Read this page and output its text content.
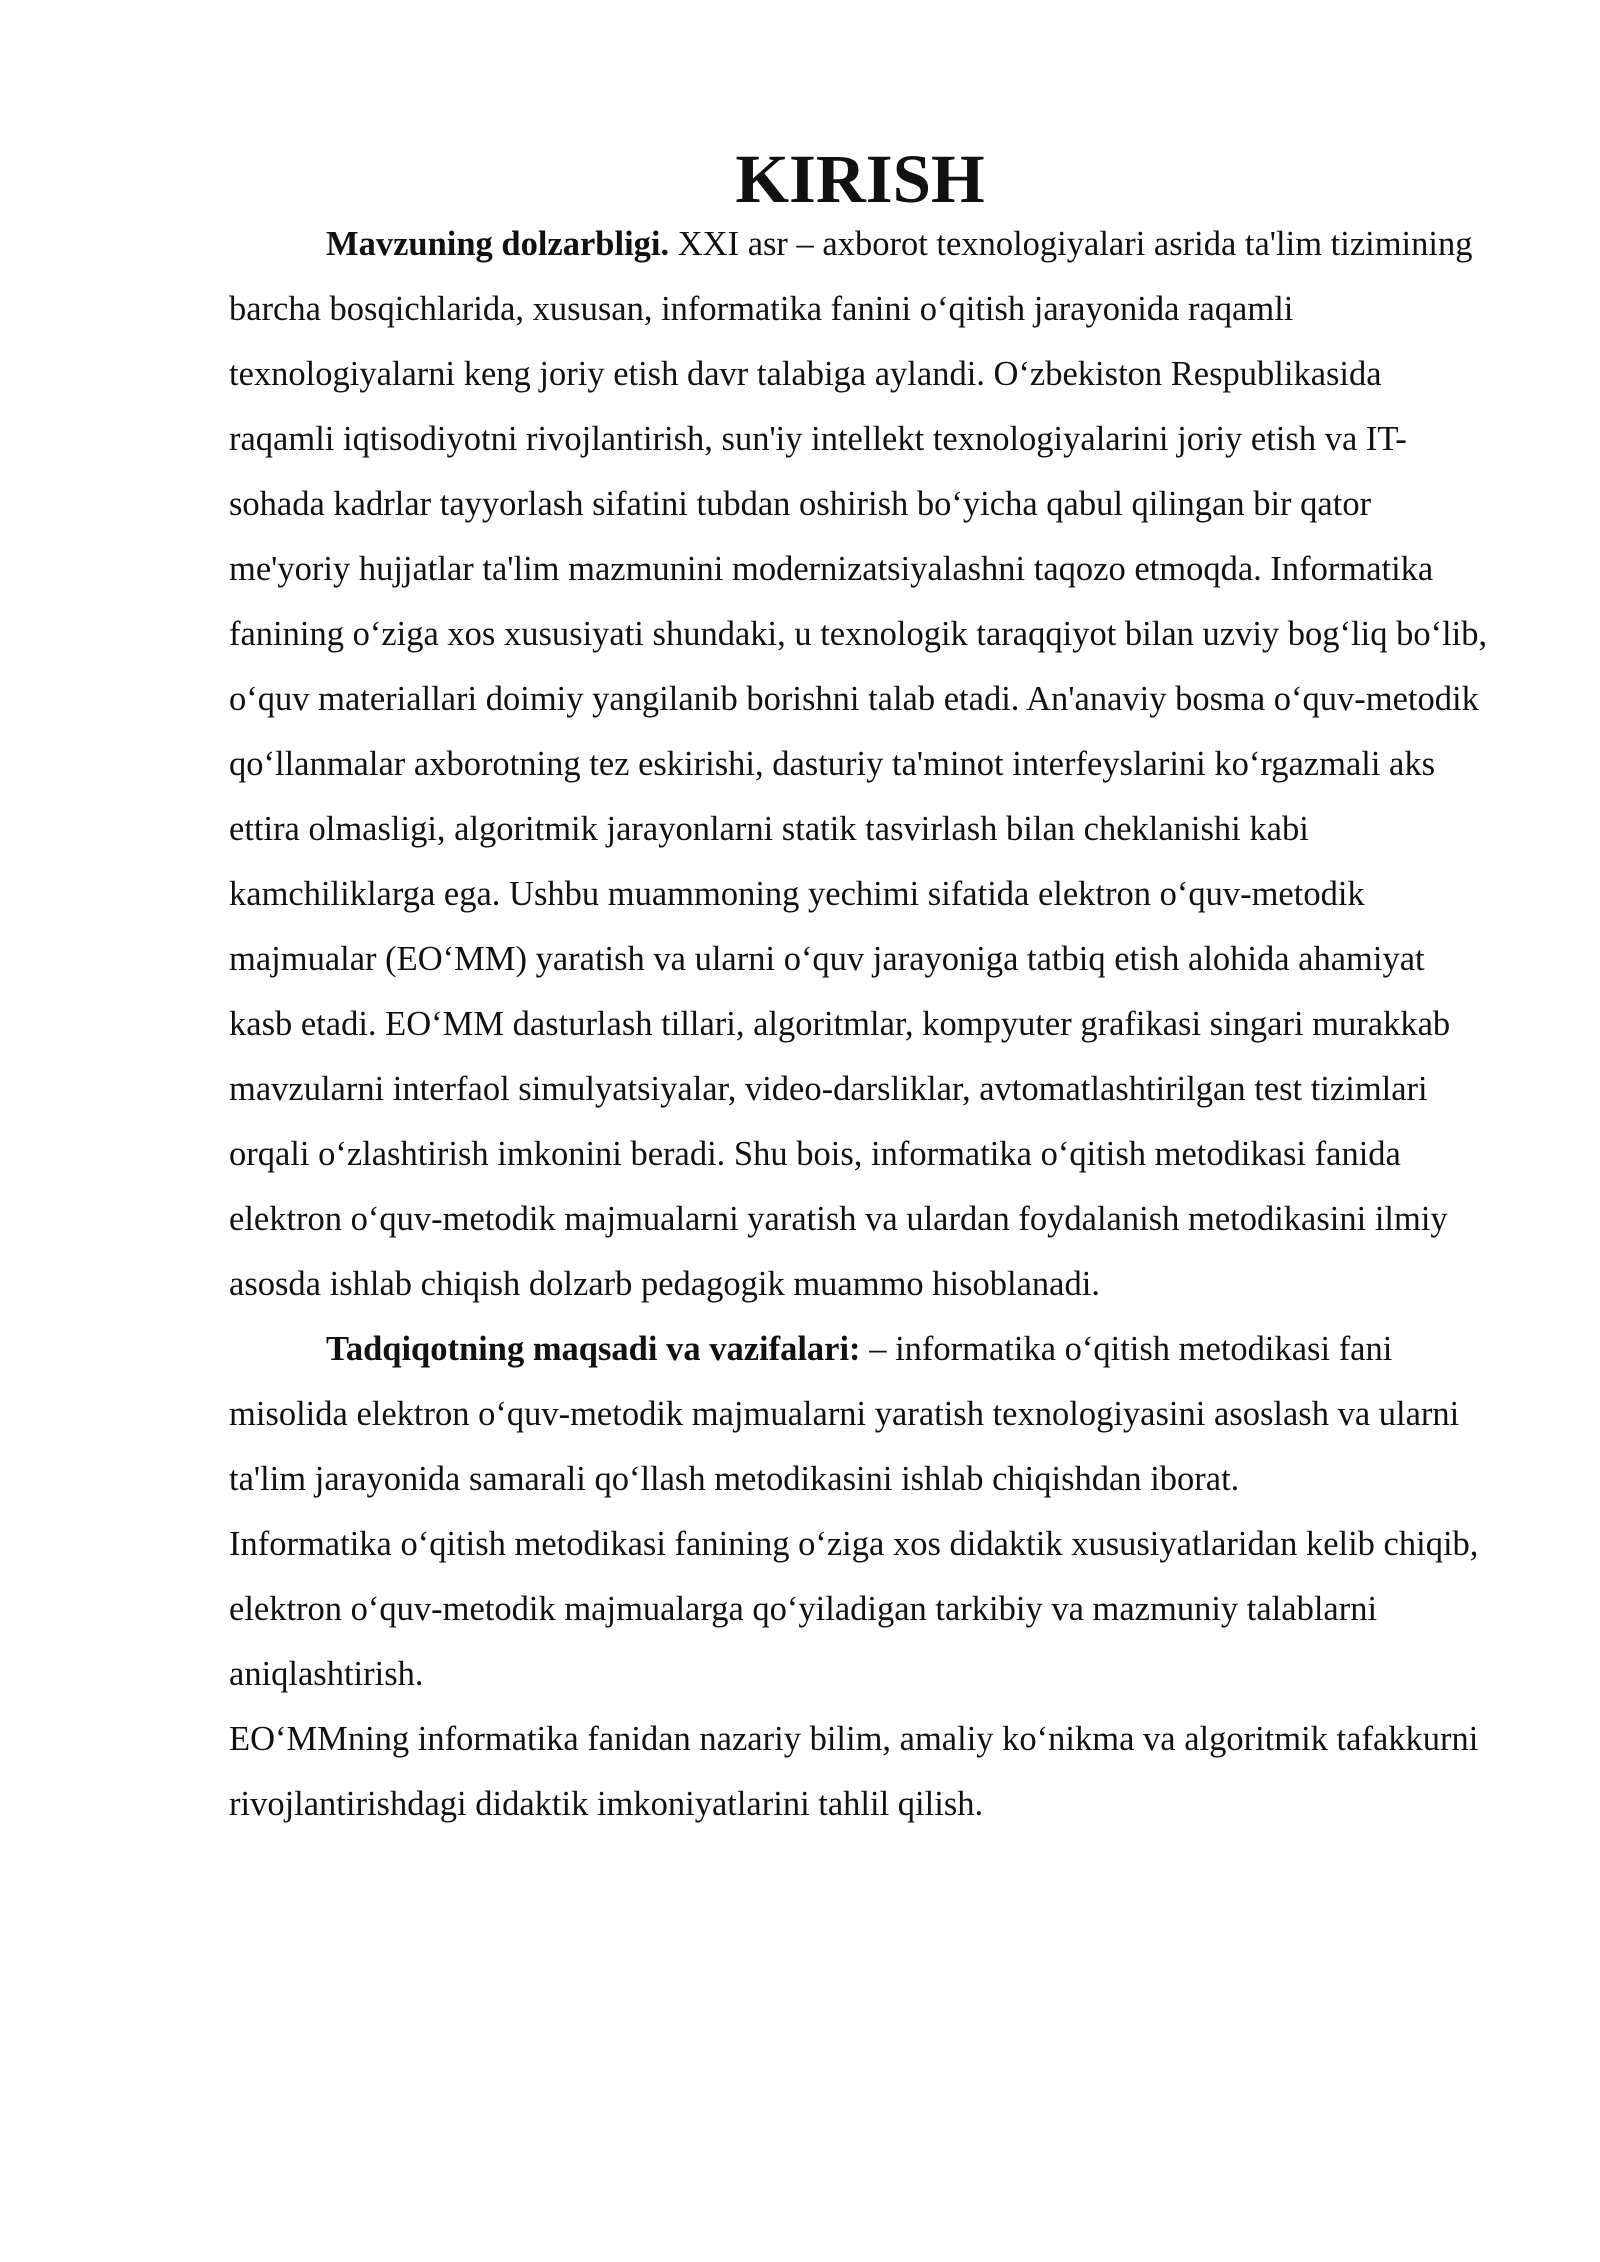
KIRISH

Mavzuning dolzarbligi. XXI asr – axborot texnologiyalari asrida ta'lim tizimining barcha bosqichlarida, xususan, informatika fanini o‘qitish jarayonida raqamli texnologiyalarni keng joriy etish davr talabiga aylandi. O‘zbekiston Respublikasida raqamli iqtisodiyotni rivojlantirish, sun'iy intellekt texnologiyalarini joriy etish va IT-sohada kadrlar tayyorlash sifatini tubdan oshirish bo‘yicha qabul qilingan bir qator me'yoriy hujjatlar ta'lim mazmunini modernizatsiyalashni taqozo etmoqda. Informatika fanining o‘ziga xos xususiyati shundaki, u texnologik taraqqiyot bilan uzviy bog‘liq bo‘lib, o‘quv materiallari doimiy yangilanib borishni talab etadi. An'anaviy bosma o‘quv-metodik qo‘llanmalar axborotning tez eskirishi, dasturiy ta'minot interfeyslarini ko‘rgazmali aks ettira olmasligi, algoritmik jarayonlarni statik tasvirlash bilan cheklanishi kabi kamchiliklarga ega. Ushbu muammoning yechimi sifatida elektron o‘quv-metodik majmualar (EO‘MM) yaratish va ularni o‘quv jarayoniga tatbiq etish alohida ahamiyat kasb etadi. EO‘MM dasturlash tillari, algoritmlar, kompyuter grafikasi singari murakkab mavzularni interfaol simulyatsiyalar, video-darsliklar, avtomatlashtirilgan test tizimlari orqali o‘zlashtirish imkonini beradi. Shu bois, informatika o‘qitish metodikasi fanida elektron o‘quv-metodik majmualarni yaratish va ulardan foydalanish metodikasini ilmiy asosda ishlab chiqish dolzarb pedagogik muammo hisoblanadi.

Tadqiqotning maqsadi va vazifalari: – informatika o‘qitish metodikasi fani misolida elektron o‘quv-metodik majmualarni yaratish texnologiyasini asoslash va ularni ta'lim jarayonida samarali qo‘llash metodikasini ishlab chiqishdan iborat.

Informatika o‘qitish metodikasi fanining o‘ziga xos didaktik xususiyatlaridan kelib chiqib, elektron o‘quv-metodik majmualarga qo‘yiladigan tarkibiy va mazmuniy talablarni aniqlashtirish.

EO‘MMning informatika fanidan nazariy bilim, amaliy ko‘nikma va algoritmik tafakkurni rivojlantirishdagi didaktik imkoniyatlarini tahlil qilish.
